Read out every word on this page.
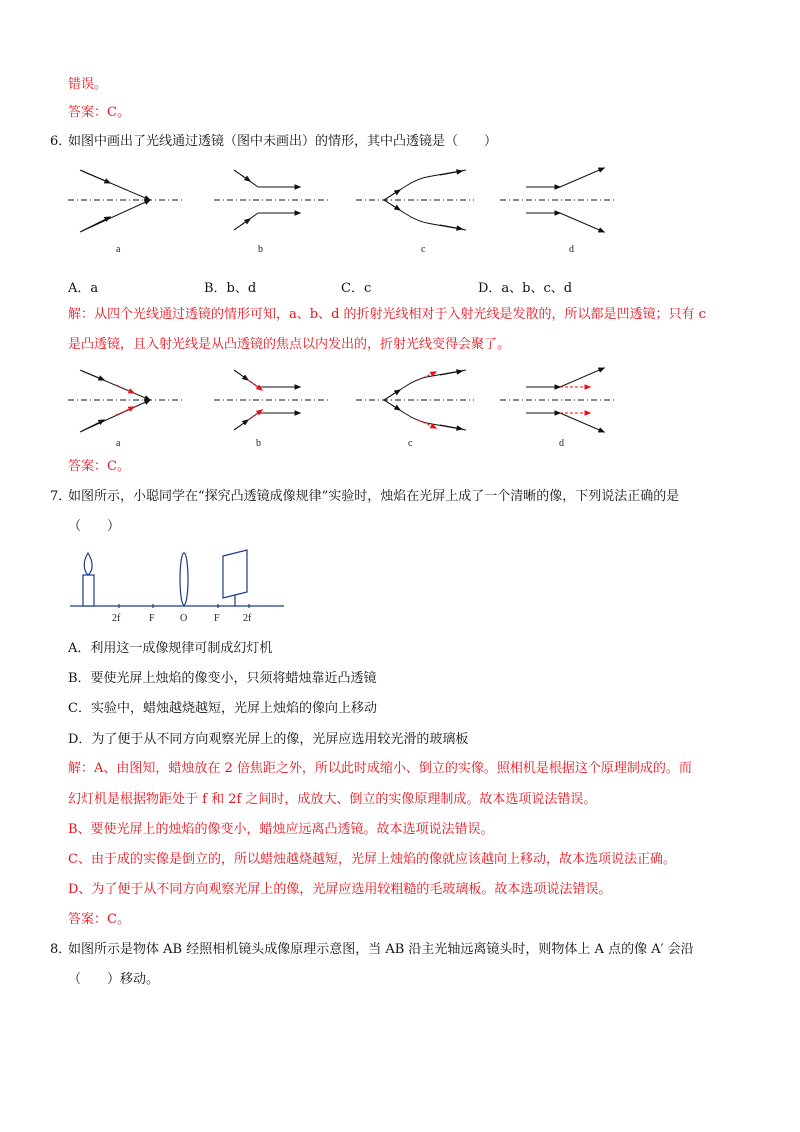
错误。
答案：C。
6．
如图中画出了光线通过透镜（图中未画出）的情形，其中凸透镜是（　　）
a	b	c	d
A．a	B．b、d	C．c	D．a、b、c、d
解：从四个光线通过透镜的情形可知，a、b、d 的折射光线相对于入射光线是发散的，所以都是凹透镜；只有 c
是凸透镜，且入射光线是从凸透镜的焦点以内发出的，折射光线变得会聚了。
a	b	c	d
答案：C。
7．
如图所示，小聪同学在“探究凸透镜成像规律”实验时，烛焰在光屏上成了一个清晰的像，下列说法正确的是
（　　）
2f	F	O	F 2f
A．利用这一成像规律可制成幻灯机
B．要使光屏上烛焰的像变小，只须将蜡烛靠近凸透镜
C．实验中，蜡烛越烧越短，光屏上烛焰的像向上移动
D．为了便于从不同方向观察光屏上的像，光屏应选用较光滑的玻璃板
解：A、由图知，蜡烛放在 2 倍焦距之外，所以此时成缩小、倒立的实像。照相机是根据这个原理制成的。而
幻灯机是根据物距处于 f 和 2f 之间时，成放大、倒立的实像原理制成。故本选项说法错误。
B、要使光屏上的烛焰的像变小，蜡烛应远离凸透镜。故本选项说法错误。
C、由于成的实像是倒立的，所以蜡烛越烧越短，光屏上烛焰的像就应该越向上移动，故本选项说法正确。
D、为了便于从不同方向观察光屏上的像，光屏应选用较粗糙的毛玻璃板。故本选项说法错误。
答案：C。
8．
如图所示是物体 AB 经照相机镜头成像原理示意图，当 AB 沿主光轴远离镜头时，则物体上 A 点的像 A′ 会沿
（　　）移动。
